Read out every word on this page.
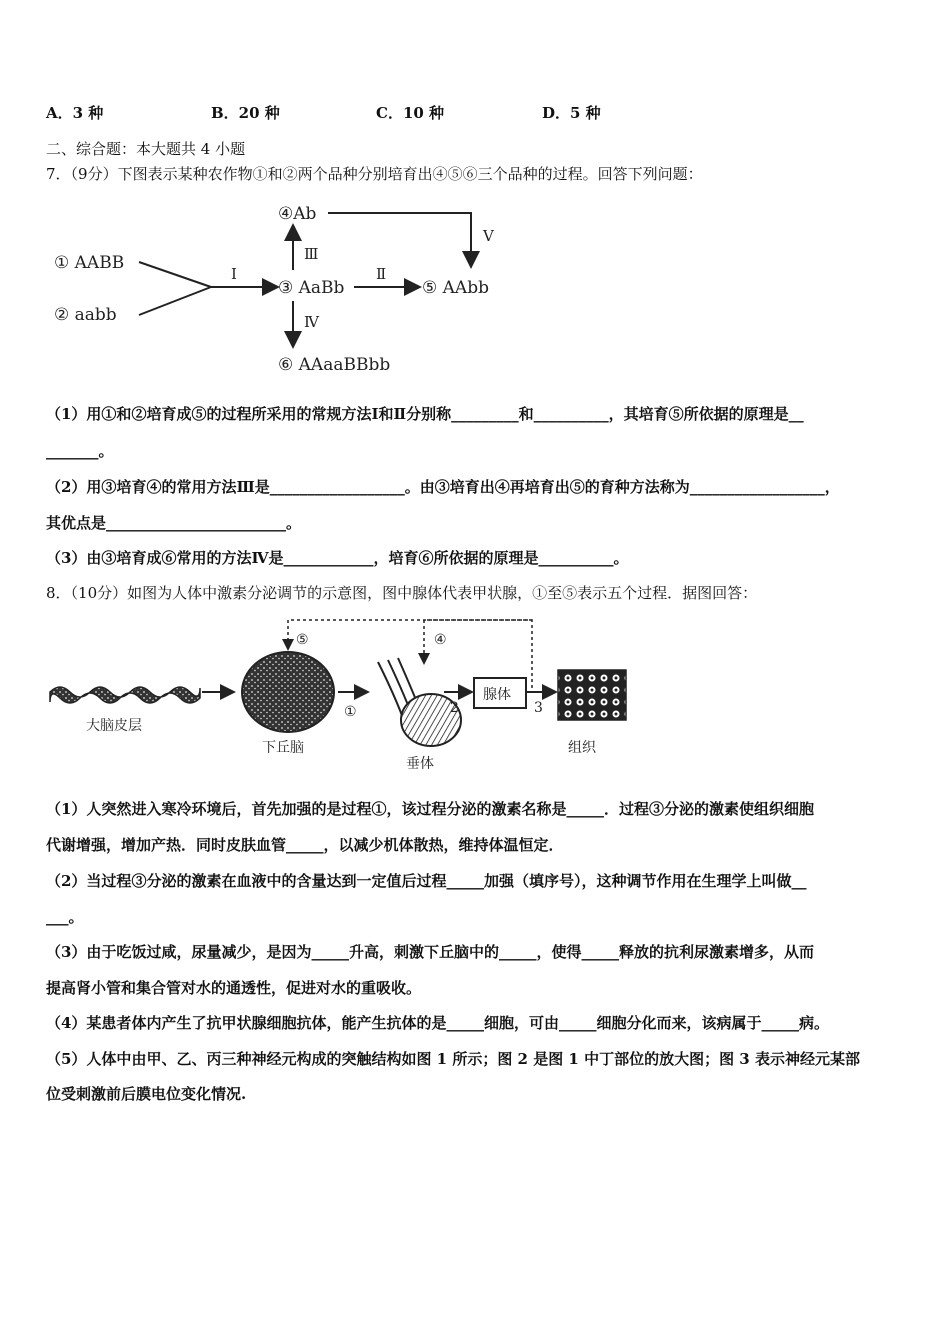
A．3 种	B．20 种	C．10 种	D．5 种
二、综合题：本大题共 4 小题
7．（9分）下图表示某种农作物①和②两个品种分别培育出④⑤⑥三个品种的过程。回答下列问题：
① AABB
② aabb
Ⅰ
③ AaBb
Ⅱ
⑤ AAbb
Ⅲ
④Ab
Ⅴ
Ⅳ
⑥ AAaaBBbb
（1）用①和②培育成⑤的过程所采用的常规方法Ⅰ和Ⅱ分别称_________和__________，其培育⑤所依据的原理是__
_______。
（2）用③培育④的常用方法Ⅲ是__________________。由③培育出④再培育出⑤的育种方法称为__________________，
其优点是________________________。
（3）由③培育成⑥常用的方法Ⅳ是____________，培育⑥所依据的原理是__________。
8．（10分）如图为人体中激素分泌调节的示意图，图中腺体代表甲状腺，①至⑤表示五个过程．据图回答：
大脑皮层
下丘脑
①
垂体
2
腺体
3
组织
⑤	④
（1）人突然进入寒冷环境后，首先加强的是过程①，该过程分泌的激素名称是_____．过程③分泌的激素使组织细胞
代谢增强，增加产热．同时皮肤血管_____，以减少机体散热，维持体温恒定．
（2）当过程③分泌的激素在血液中的含量达到一定值后过程_____加强（填序号），这种调节作用在生理学上叫做__
___。
（3）由于吃饭过咸，尿量减少，是因为_____升高，刺激下丘脑中的_____，使得_____释放的抗利尿激素增多，从而
提高肾小管和集合管对水的通透性，促进对水的重吸收。
（4）某患者体内产生了抗甲状腺细胞抗体，能产生抗体的是_____细胞，可由_____细胞分化而来，该病属于_____病。
（5）人体中由甲、乙、丙三种神经元构成的突触结构如图 1 所示；图 2 是图 1 中丁部位的放大图；图 3 表示神经元某部
位受刺激前后膜电位变化情况.
